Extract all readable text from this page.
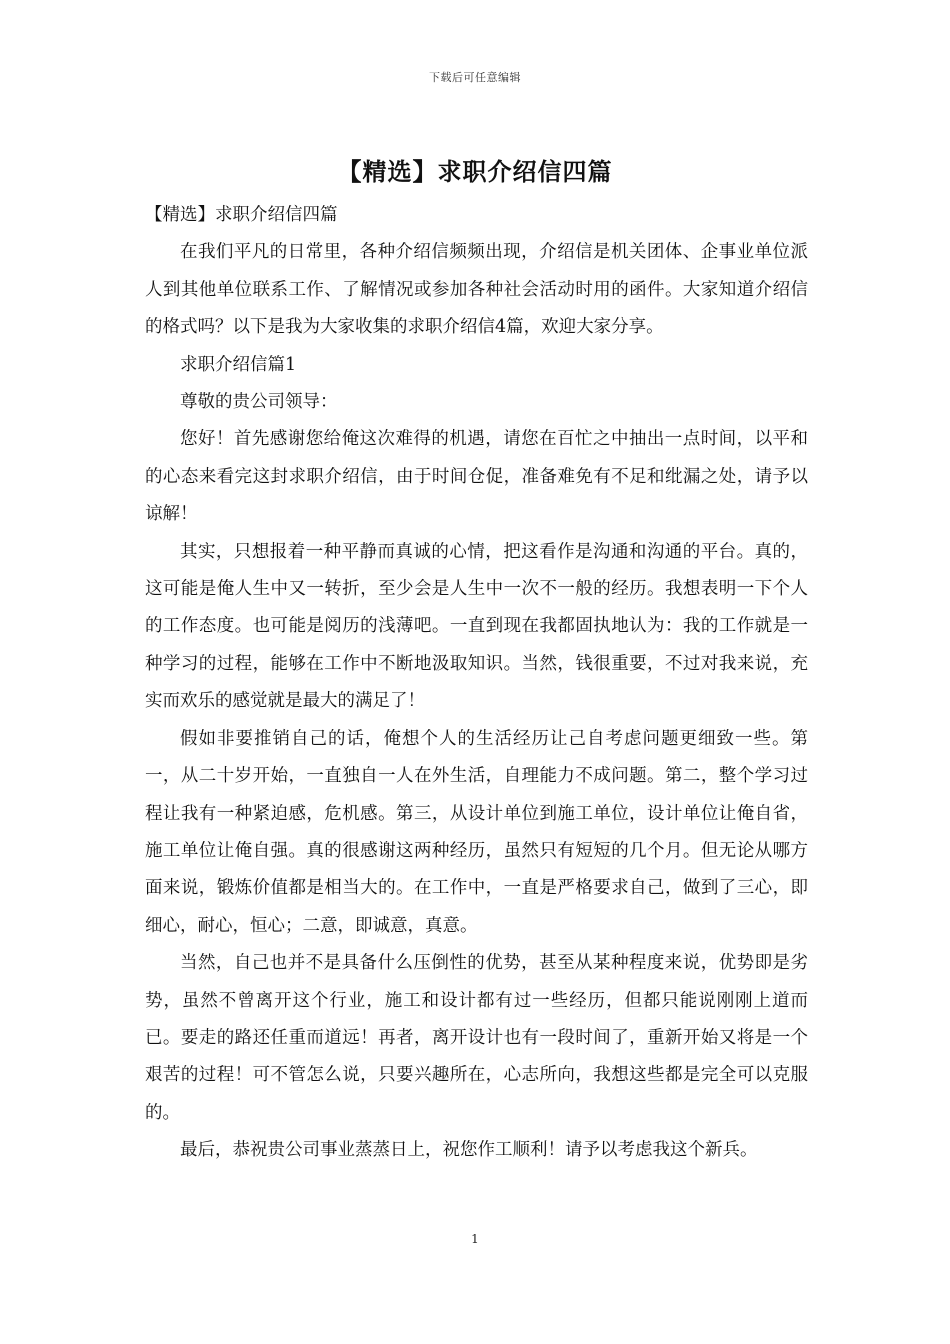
下载后可任意编辑
【精选】求职介绍信四篇

【精选】求职介绍信四篇

在我们平凡的日常里，各种介绍信频频出现，介绍信是机关团体、企事业单位派人到其他单位联系工作、了解情况或参加各种社会活动时用的函件。大家知道介绍信的格式吗？以下是我为大家收集的求职介绍信4篇，欢迎大家分享。

求职介绍信篇1

尊敬的贵公司领导：

您好！首先感谢您给俺这次难得的机遇，请您在百忙之中抽出一点时间，以平和的心态来看完这封求职介绍信，由于时间仓促，准备难免有不足和纰漏之处，请予以谅解！

其实，只想报着一种平静而真诚的心情，把这看作是沟通和沟通的平台。真的，这可能是俺人生中又一转折，至少会是人生中一次不一般的经历。我想表明一下个人的工作态度。也可能是阅历的浅薄吧。一直到现在我都固执地认为：我的工作就是一种学习的过程，能够在工作中不断地汲取知识。当然，钱很重要，不过对我来说，充实而欢乐的感觉就是最大的满足了！

假如非要推销自己的话，俺想个人的生活经历让己自考虑问题更细致一些。第一，从二十岁开始，一直独自一人在外生活，自理能力不成问题。第二，整个学习过程让我有一种紧迫感，危机感。第三，从设计单位到施工单位，设计单位让俺自省，施工单位让俺自强。真的很感谢这两种经历，虽然只有短短的几个月。但无论从哪方面来说，锻炼价值都是相当大的。在工作中，一直是严格要求自己，做到了三心，即细心，耐心，恒心；二意，即诚意，真意。

当然，自己也并不是具备什么压倒性的优势，甚至从某种程度来说，优势即是劣势，虽然不曾离开这个行业，施工和设计都有过一些经历，但都只能说刚刚上道而已。要走的路还任重而道远！再者，离开设计也有一段时间了，重新开始又将是一个艰苦的过程！可不管怎么说，只要兴趣所在，心志所向，我想这些都是完全可以克服的。

最后，恭祝贵公司事业蒸蒸日上，祝您作工顺利！请予以考虑我这个新兵。

1
